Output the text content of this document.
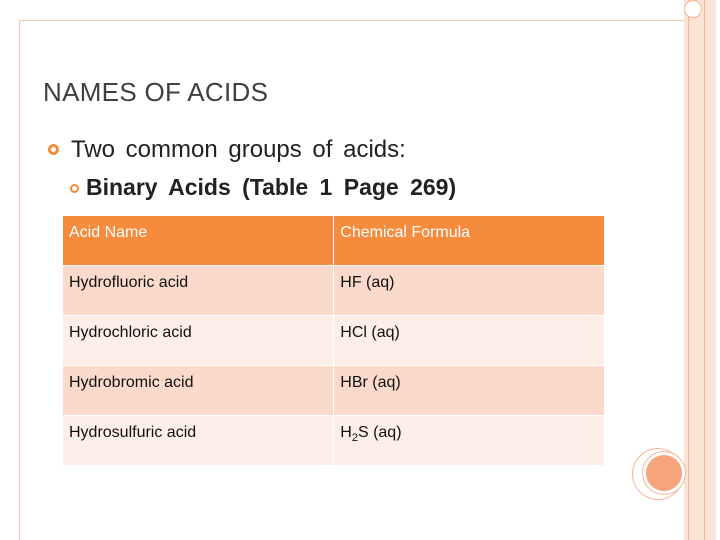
NAMES OF ACIDS
Two common groups of acids:
Binary Acids (Table 1 Page 269)
Acid Name	Chemical Formula
Hydrofluoric acid	HF (aq)
Hydrochloric acid	HCl (aq)
Hydrobromic acid	HBr (aq)
Hydrosulfuric acid	$H_2S$ (aq)
